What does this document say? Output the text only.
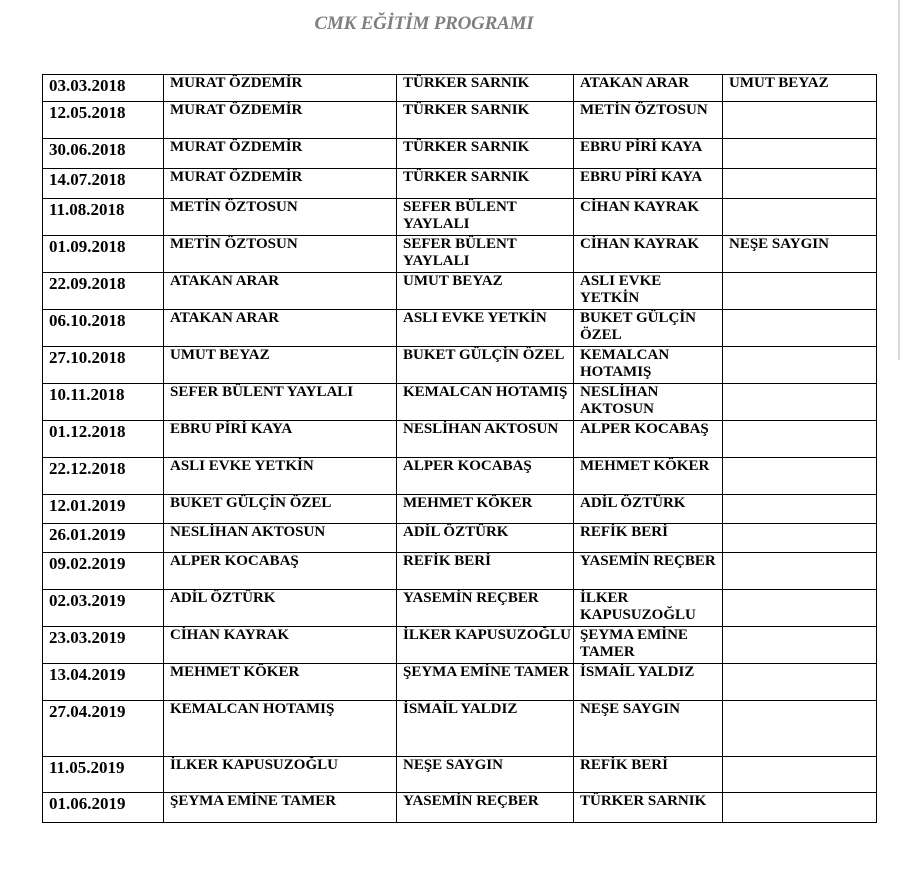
CMK EĞİTİM PROGRAMI
03.03.2018	MURAT ÖZDEMİR	TÜRKER SARNIK	ATAKAN ARAR	UMUT BEYAZ
12.05.2018	MURAT ÖZDEMİR	TÜRKER SARNIK	METİN ÖZTOSUN	
30.06.2018	MURAT ÖZDEMİR	TÜRKER SARNIK	EBRU PİRİ KAYA	
14.07.2018	MURAT ÖZDEMİR	TÜRKER SARNIK	EBRU PİRİ KAYA	
11.08.2018	METİN ÖZTOSUN	SEFER BÜLENT YAYLALI	CİHAN KAYRAK	
01.09.2018	METİN ÖZTOSUN	SEFER BÜLENT YAYLALI	CİHAN KAYRAK	NEŞE SAYGIN
22.09.2018	ATAKAN ARAR	UMUT BEYAZ	ASLI EVKE YETKİN	
06.10.2018	ATAKAN ARAR	ASLI EVKE YETKİN	BUKET GÜLÇİN ÖZEL	
27.10.2018	UMUT BEYAZ	BUKET GÜLÇİN ÖZEL	KEMALCAN HOTAMIŞ	
10.11.2018	SEFER BÜLENT YAYLALI	KEMALCAN HOTAMIŞ	NESLİHAN AKTOSUN	
01.12.2018	EBRU PİRİ KAYA	NESLİHAN AKTOSUN	ALPER KOCABAŞ	
22.12.2018	ASLI EVKE YETKİN	ALPER KOCABAŞ	MEHMET KÖKER	
12.01.2019	BUKET GÜLÇİN ÖZEL	MEHMET KÖKER	ADİL ÖZTÜRK	
26.01.2019	NESLİHAN AKTOSUN	ADİL ÖZTÜRK	REFİK BERİ	
09.02.2019	ALPER KOCABAŞ	REFİK BERİ	YASEMİN REÇBER	
02.03.2019	ADİL ÖZTÜRK	YASEMİN REÇBER	İLKER KAPUSUZOĞLU	
23.03.2019	CİHAN KAYRAK	İLKER KAPUSUZOĞLU	ŞEYMA EMİNE TAMER	
13.04.2019	MEHMET KÖKER	ŞEYMA EMİNE TAMER	İSMAİL YALDIZ	
27.04.2019	KEMALCAN HOTAMIŞ	İSMAİL YALDIZ	NEŞE SAYGIN	
11.05.2019	İLKER KAPUSUZOĞLU	NEŞE SAYGIN	REFİK BERİ	
01.06.2019	ŞEYMA EMİNE TAMER	YASEMİN REÇBER	TÜRKER SARNIK	
